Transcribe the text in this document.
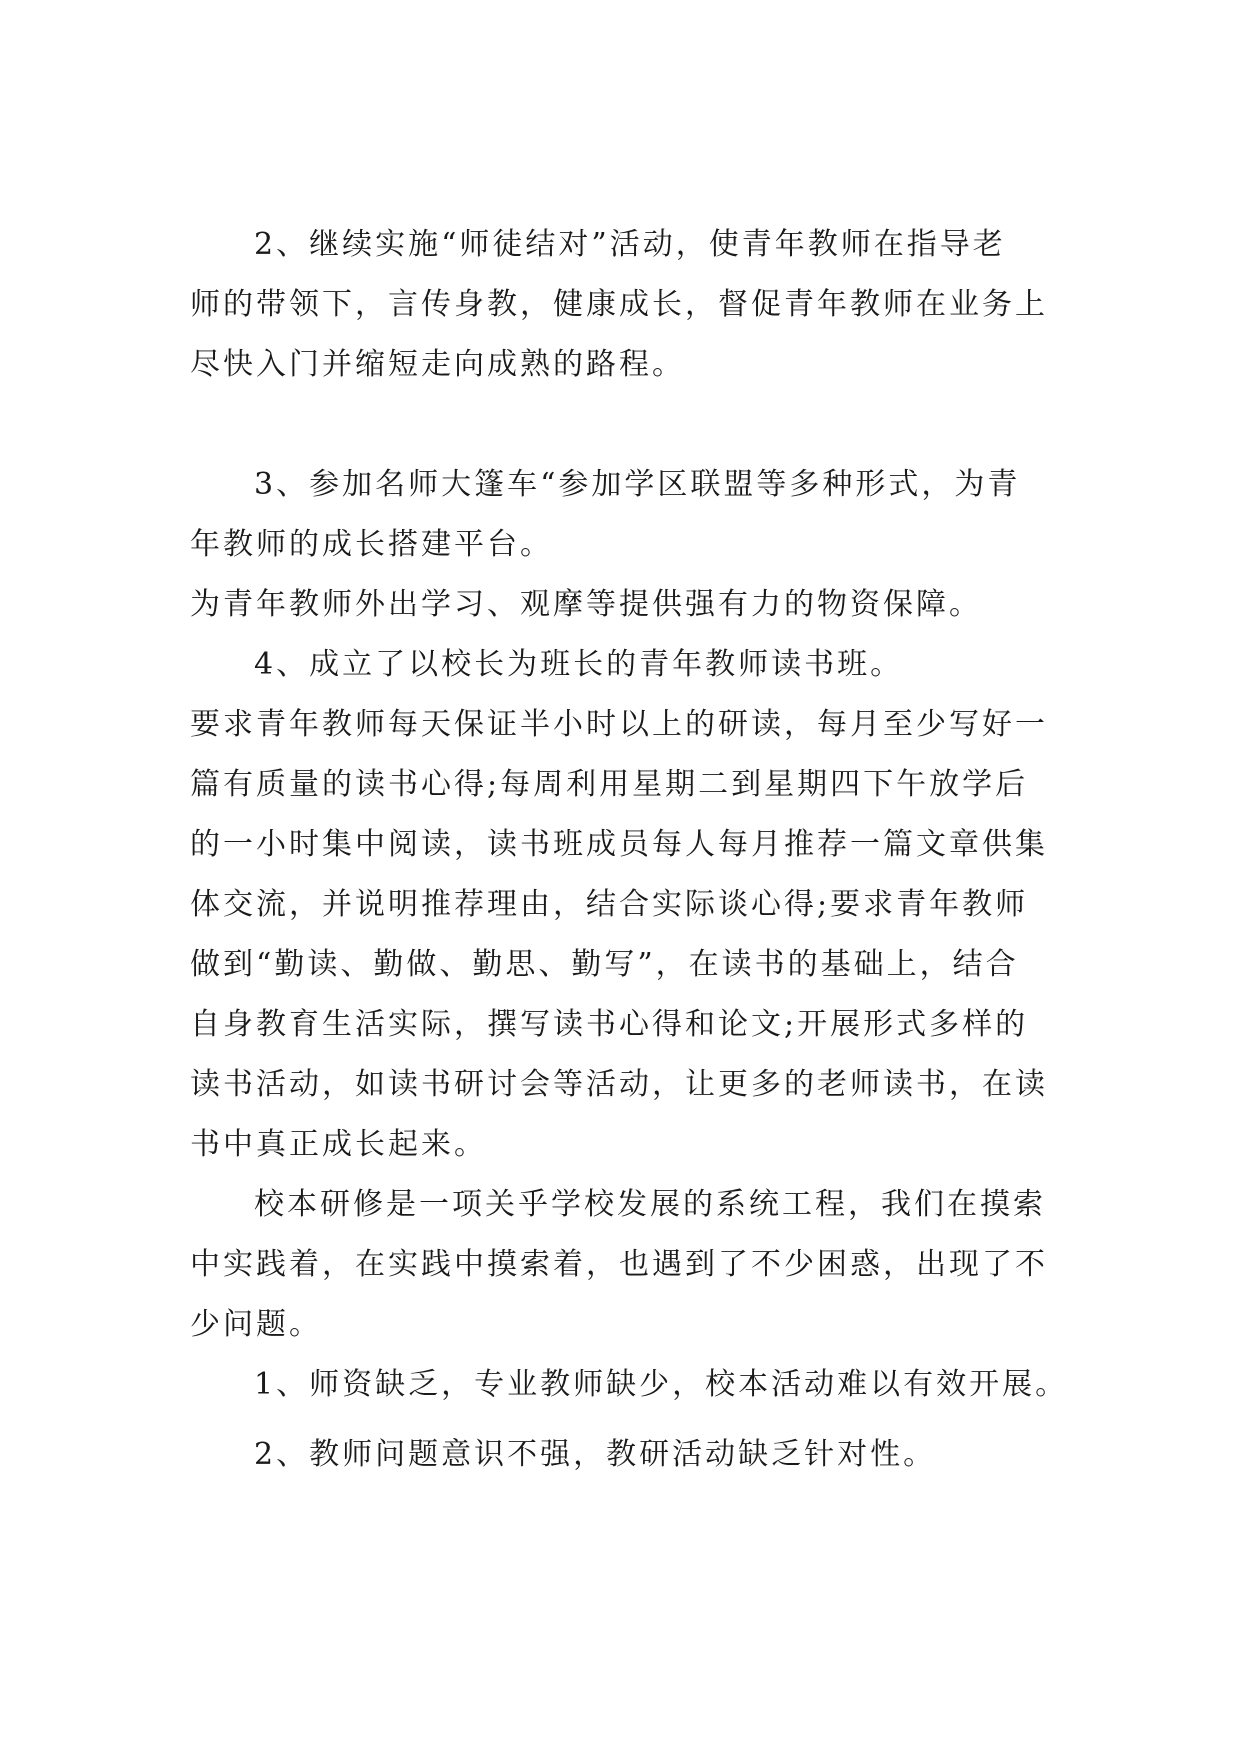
2、继续实施“师徒结对”活动，使青年教师在指导老
师的带领下，言传身教，健康成长，督促青年教师在业务上
尽快入门并缩短走向成熟的路程。
3、参加名师大篷车“参加学区联盟等多种形式，为青
年教师的成长搭建平台。
为青年教师外出学习、观摩等提供强有力的物资保障。
4、成立了以校长为班长的青年教师读书班。
要求青年教师每天保证半小时以上的研读，每月至少写好一
篇有质量的读书心得;每周利用星期二到星期四下午放学后
的一小时集中阅读，读书班成员每人每月推荐一篇文章供集
体交流，并说明推荐理由，结合实际谈心得;要求青年教师
做到“勤读、勤做、勤思、勤写”，在读书的基础上，结合
自身教育生活实际，撰写读书心得和论文;开展形式多样的
读书活动，如读书研讨会等活动，让更多的老师读书，在读
书中真正成长起来。
校本研修是一项关乎学校发展的系统工程，我们在摸索
中实践着，在实践中摸索着，也遇到了不少困惑，出现了不
少问题。
1、师资缺乏，专业教师缺少，校本活动难以有效开展。
2、教师问题意识不强，教研活动缺乏针对性。
